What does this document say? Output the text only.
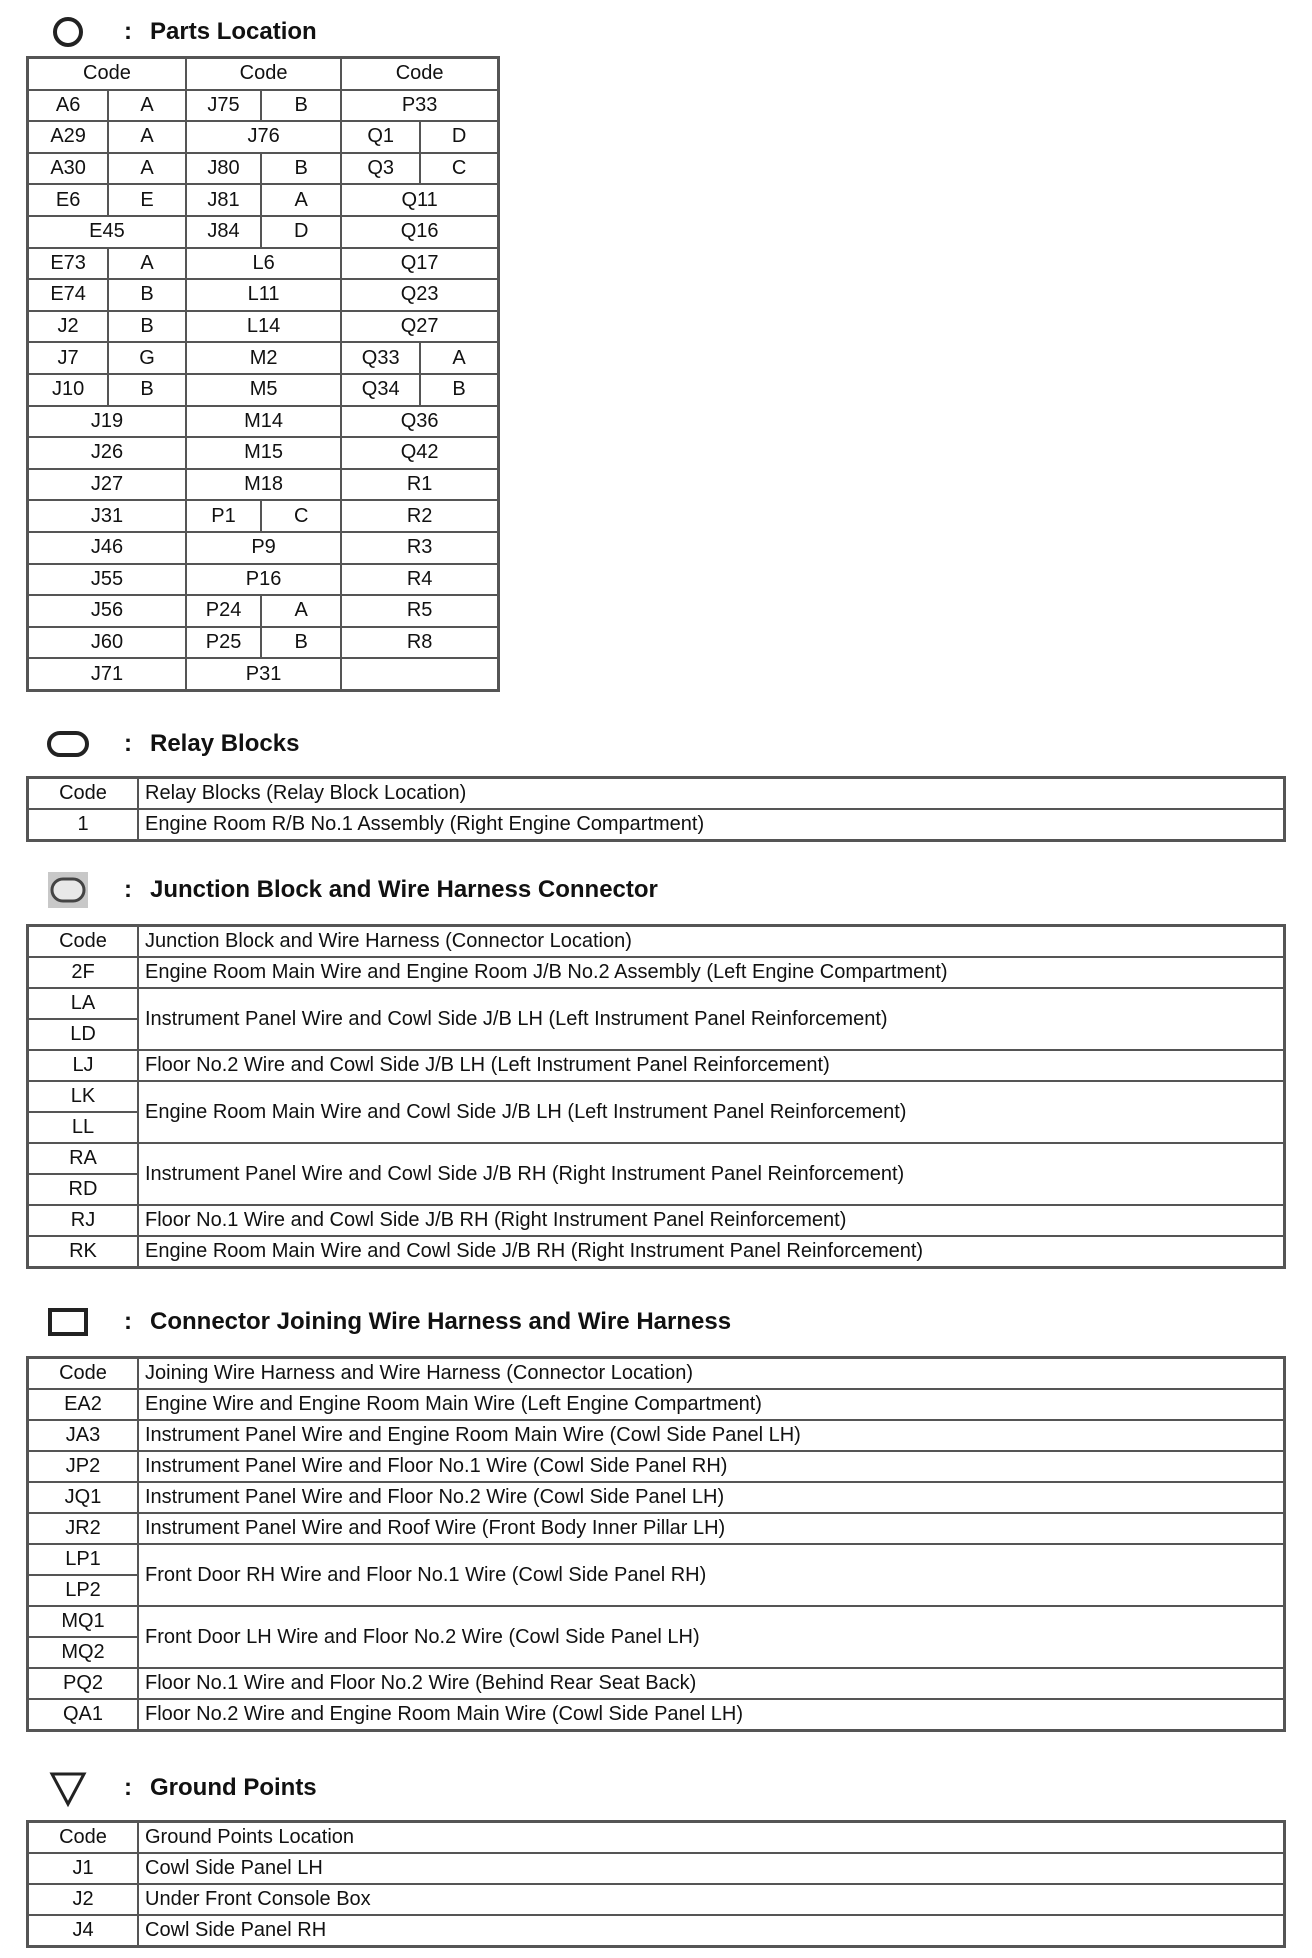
: Parts Location
Code		Code		Code	
A6	A	J75	B	P33	
A29	A	J76		Q1	D
A30	A	J80	B	Q3	C
E6	E	J81	A	Q11	
E45		J84	D	Q16	
E73	A	L6		Q17	
E74	B	L11		Q23	
J2	B	L14		Q27	
J7	G	M2		Q33	A
J10	B	M5		Q34	B
J19		M14		Q36	
J26		M15		Q42	
J27		M18		R1	
J31		P1	C	R2	
J46		P9		R3	
J55		P16		R4	
J56		P24	A	R5	
J60		P25	B	R8	
J71		P31			
: Relay Blocks
Code	Relay Blocks (Relay Block Location)
1	Engine Room R/B No.1 Assembly (Right Engine Compartment)
: Junction Block and Wire Harness Connector
Code	Junction Block and Wire Harness (Connector Location)
2F	Engine Room Main Wire and Engine Room J/B No.2 Assembly (Left Engine Compartment)
LA	Instrument Panel Wire and Cowl Side J/B LH (Left Instrument Panel Reinforcement)
LD	
LJ	Floor No.2 Wire and Cowl Side J/B LH (Left Instrument Panel Reinforcement)
LK	Engine Room Main Wire and Cowl Side J/B LH (Left Instrument Panel Reinforcement)
LL	
RA	Instrument Panel Wire and Cowl Side J/B RH (Right Instrument Panel Reinforcement)
RD	
RJ	Floor No.1 Wire and Cowl Side J/B RH (Right Instrument Panel Reinforcement)
RK	Engine Room Main Wire and Cowl Side J/B RH (Right Instrument Panel Reinforcement)
: Connector Joining Wire Harness and Wire Harness
Code	Joining Wire Harness and Wire Harness (Connector Location)
EA2	Engine Wire and Engine Room Main Wire (Left Engine Compartment)
JA3	Instrument Panel Wire and Engine Room Main Wire (Cowl Side Panel LH)
JP2	Instrument Panel Wire and Floor No.1 Wire (Cowl Side Panel RH)
JQ1	Instrument Panel Wire and Floor No.2 Wire (Cowl Side Panel LH)
JR2	Instrument Panel Wire and Roof Wire (Front Body Inner Pillar LH)
LP1	Front Door RH Wire and Floor No.1 Wire (Cowl Side Panel RH)
LP2	
MQ1	Front Door LH Wire and Floor No.2 Wire (Cowl Side Panel LH)
MQ2	
PQ2	Floor No.1 Wire and Floor No.2 Wire (Behind Rear Seat Back)
QA1	Floor No.2 Wire and Engine Room Main Wire (Cowl Side Panel LH)
: Ground Points
Code	Ground Points Location
J1	Cowl Side Panel LH
J2	Under Front Console Box
J4	Cowl Side Panel RH
